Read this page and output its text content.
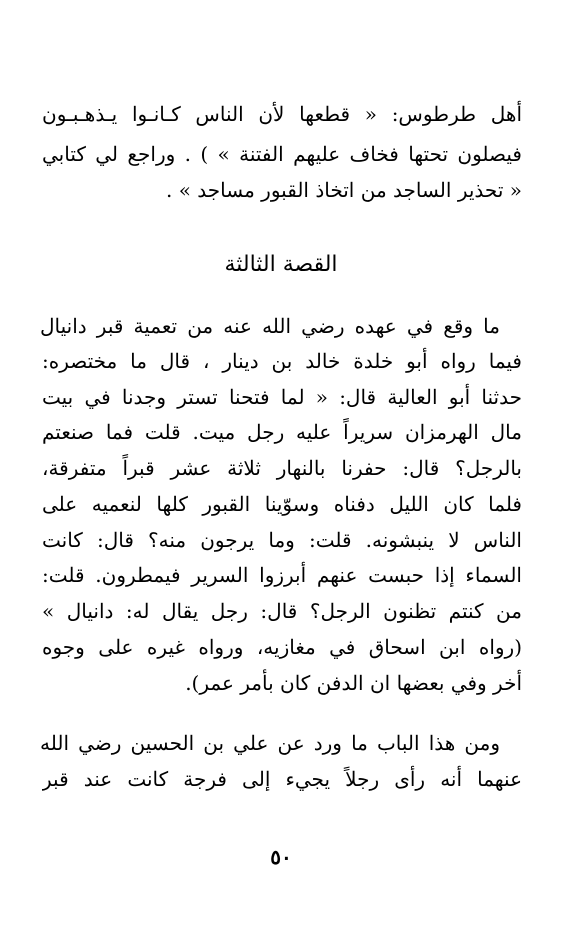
أهل طرطوس: « قطعها لأن الناس كـانـوا يـذهـبـون
فيصلون تحتها فخاف عليهم الفتنة » ) . وراجع لي كتابي
« تحذير الساجد من اتخاذ القبور مساجد » .
القصة الثالثة
ما وقع في عهده رضي الله عنه من تعمية قبر دانيال
فيما رواه أبو خلدة خالد بن دينار ، قال ما مختصره:
حدثنا أبو العالية قال: « لما فتحنا تستر وجدنا في بيت
مال الهرمزان سريراً عليه رجل ميت. قلت فما صنعتم
بالرجل؟ قال: حفرنا بالنهار ثلاثة عشر قبراً متفرقة،
فلما كان الليل دفناه وسوّينا القبور كلها لنعميه على
الناس لا ينبشونه. قلت: وما يرجون منه؟ قال: كانت
السماء إذا حبست عنهم أبرزوا السرير فيمطرون. قلت:
من كنتم تظنون الرجل؟ قال: رجل يقال له: دانيال »
(رواه ابن اسحاق في مغازيه، ورواه غيره على وجوه
أخر وفي بعضها ان الدفن كان بأمر عمر).
ومن هذا الباب ما ورد عن علي بن الحسين رضي الله
عنهما أنه رأى رجلاً يجيء إلى فرجة كانت عند قبر
٥٠
